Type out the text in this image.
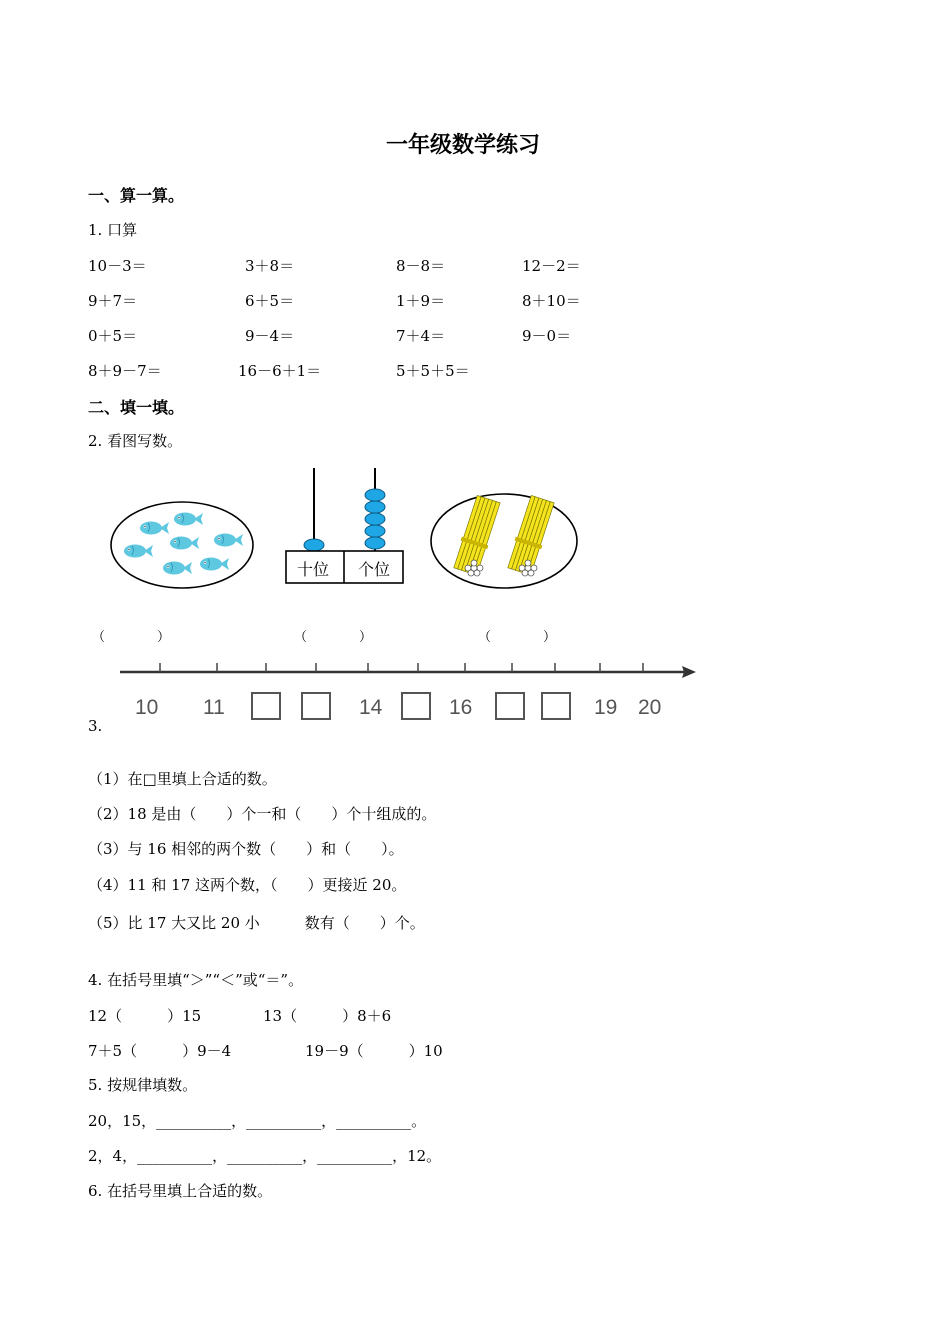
一年级数学练习
一、算一算。
1. 口算
10－3＝	3＋8＝	8－8＝	12－2＝
9＋7＝	6＋5＝	1＋9＝	8＋10＝
0＋5＝	9－4＝	7＋4＝	9－0＝
8＋9－7＝	16－6＋1＝	5＋5＋5＝
二、填一填。
2. 看图写数。
十位 个位
（　　　　）	（　　　　）	（　　　　）
10 11	14	16	19 20
3.
（1）在□里填上合适的数。
（2）18 是由（　　）个一和（　　）个十组成的。
（3）与 16 相邻的两个数（　　）和（　　）。
（4）11 和 17 这两个数，（　　）更接近 20。
（5）比 17 大又比 20 小　　　数有（　　）个。
4. 在括号里填“＞”“＜”或“＝”。
12（　　　）15	13（　　　）8＋6
7＋5（　　　）9－4	19－9（　　　）10
5. 按规律填数。
20，15，__________，__________，__________。
2，4，__________，__________，__________，12。
6. 在括号里填上合适的数。
